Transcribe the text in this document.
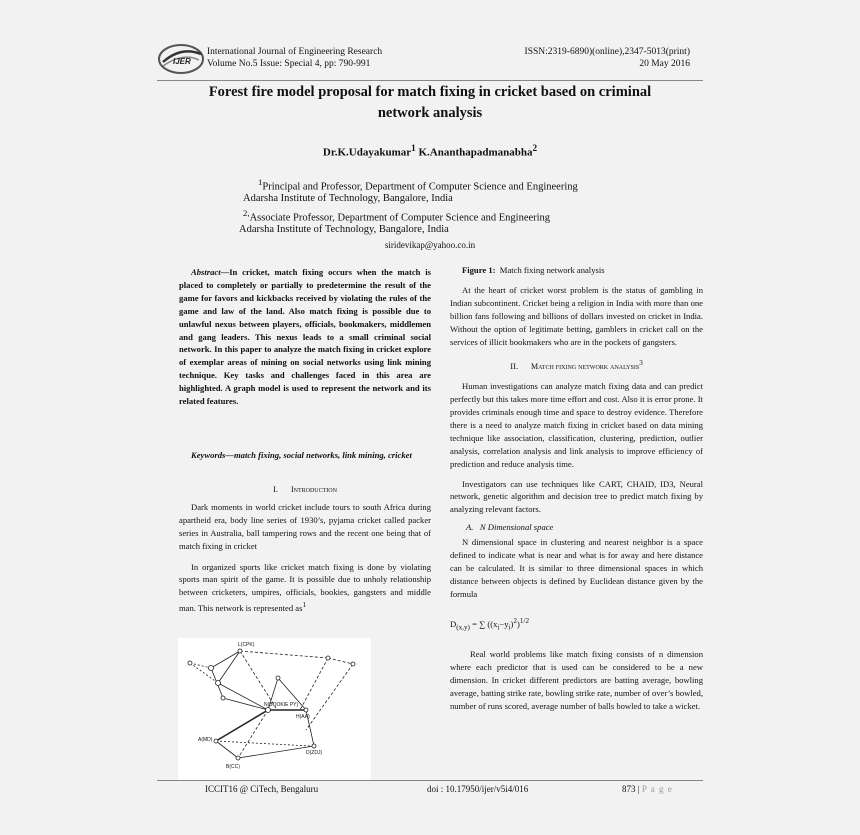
IJER
International Journal of Engineering Research
Volume No.5 Issue: Special 4, pp: 790-991
ISSN:2319-6890)(online),2347-5013(print)
20 May 2016
Forest fire model proposal for match fixing in cricket based on criminal
network analysis
Dr.K.Udayakumar$^1$ K.Ananthapadmanabha$^2$
$^1$Principal and Professor, Department of Computer Science and Engineering
Adarsha Institute of Technology, Bangalore, India
$^{2,}$Associate Professor, Department of Computer Science and Engineering
Adarsha Institute of Technology, Bangalore, India
siridevikap@yahoo.co.in

Abstract—In cricket, match fixing occurs when the match is placed to completely or partially to predetermine the result of the game for favors and kickbacks received by violating the rules of the game and law of the land. Also match fixing is possible due to unlawful nexus between players, officials, bookmakers, middlemen and gang leaders. This nexus leads to a small criminal social network. In this paper to analyze the match fixing in cricket explore of exemplar areas of mining on social networks using link mining technique. Key tasks and challenges faced in this area are highlighted. A graph model is used to represent the network and its related features.

Keywords—match fixing, social networks, link mining, cricket

I. Introduction

Dark moments in world cricket include tours to south Africa during apartheid era, body line series of 1930’s, pyjama cricket called packer series in Australia, ball tampering rows and the recent one being that of match fixing in cricket

In organized sports like cricket match fixing is done by violating sports man spirit of the game. It is possible due to unholy relationship between cricketers, umpires, officials, bookies, gangsters and middle man. This network is represented $as^1$

L(CPK)
N(BOOKIE PY)
A(MD)
B(CC)
D(ZDJ)
H(AA)

Figure 1: Match fixing network analysis

At the heart of cricket worst problem is the status of gambling in Indian subcontinent. Cricket being a religion in India with more than one billion fans following and billions of dollars invested on cricket in India. Without the option of legitimate betting, gamblers in cricket call on the services of illicit bookmakers who are in the pockets of gangsters.

II. Match fixing network analysis$^3$

Human investigations can analyze match fixing data and can predict perfectly but this takes more time effort and cost. Also it is error prone. It provides criminals enough time and space to destroy evidence. Therefore there is a need to analyze match fixing in cricket based on data mining technique like association, classification, clustering, prediction, outlier analysis, correlation analysis and link analysis to improve efficiency of prediction and reduce analysis time.

Investigators can use techniques like CART, CHAID, ID3, Neural network, genetic algorithm and decision tree to predict match fixing by analyzing relevant factors.

A. N Dimensional space

N dimensional space in clustering and nearest neighbor is a space defined to indicate what is near and what is for away and here distance can be calculated. It is similar to three dimensional spaces in which distance between objects is defined by Euclidean distance given by the formula

$D_{(x,y)}$ = ∑ $((x_i-y_i)^2)^{1/2}$

Real world problems like match fixing consists of n dimension where each predictor that is used can be considered to be a new dimension. In cricket different predictors are batting average, bowling average, batting strike rate, bowling strike rate, number of over’s bowled, number of runs scored, average number of balls bowled to take a wicket.

ICCIT16 @ CiTech, Bengaluru	doi : 10.17950/ijer/v5i4/016	873 | P a g e
